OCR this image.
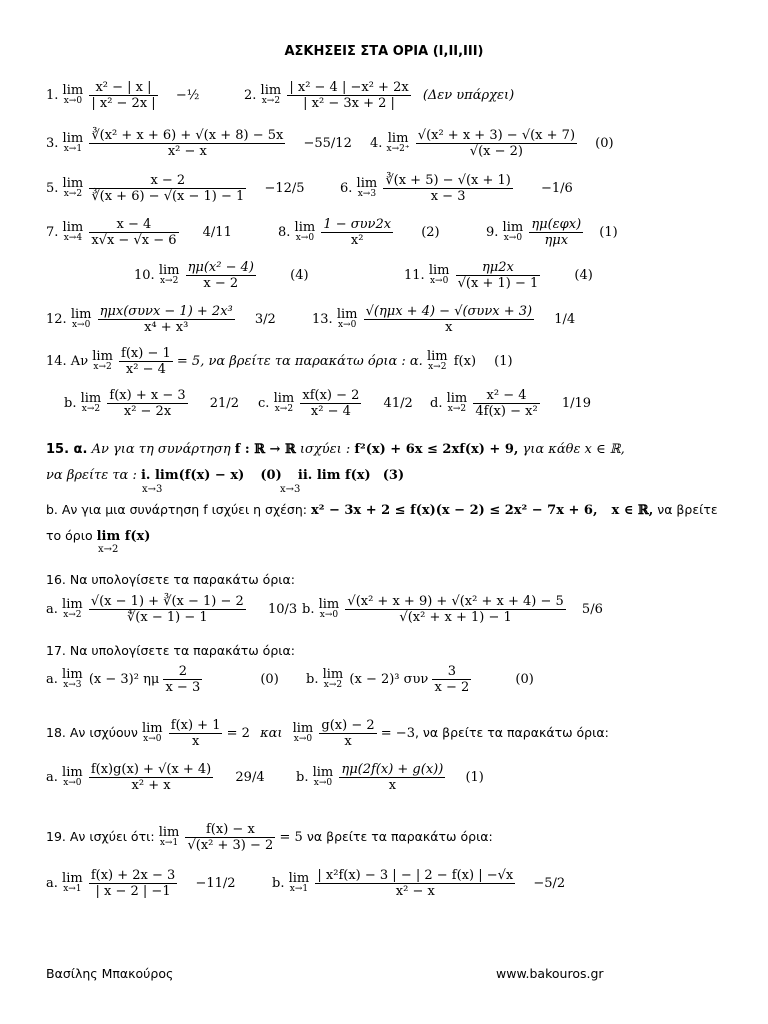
ΑΣΚΗΣΕΙΣ ΣΤΑ ΟΡΙΑ (Ι,ΙΙ,ΙΙΙ)
1. lim
x→0
$\frac{\text{x² − | x |}}{\text{| x² − 2x |}}$ −½	2. lim
x→2
$\frac{\text{| x² − 4 | −x² + 2x}}{\text{| x² − 3x + 2 |}} (\Delta\varepsilon\nu$ υπάρχει)
3. lim
x→1
$\frac{\text{∛(x² + x + 6) + √(x + 8) − 5x}}{\text{x² − x}} -55/12$ 4. lim
x→2⁺
$\frac{\text{√(x² + x + 3) − √(x + 7)}}{√(x - 2)} (0)$
5. lim
x→2
$\frac{x - 2}{∛(x + 6) - √(x - 1) - 1} -12/5$	6. lim
x→3
$\frac{∛(x + 5) - √(x + 1)}{x - 3} -1/6$
7. lim
x→4
$\frac{x - 4}{x√x - √x - 6} 4/11$	8. lim
x→0
$\frac{\text{1 − συν2x}}{\text{x²}} (2)$	9. lim
x→0
$\frac{\text{ημ(εφx)}}{\text{ημx}} (1)$
10. lim
x→2
$\frac{\text{ημ(x² − 4)}}{x - 2}$	(4)	11. lim
x→0
$\frac{\eta\mu 2x}{√(x + 1) - 1}$	(4)
12. lim
x→0
$\frac{\text{ημx(συνx − 1) + 2x³}}{\text{x⁴ + x³}} 3/2$	13. lim
x→0
$\frac{\text{√(ημx + 4) − √(συνx + 3)}}{x} 1/4$
14. Αν lim
x→2
$\frac{f(x) - 1}{\text{x² − 4}} = 5$, να βρείτε τα παρακάτω όρια : α. lim
x→2 f(x) (1)
b. lim
x→2
$\frac{f(x) + x - 3}{\text{x² − 2x}} 21/2$ c. lim
x→2
$\frac{xf(x) - 2}{\text{x² − 4}} 41/2$ d. lim
x→2
$\frac{\text{x² − 4}}{\text{4f(x) − x²}} 1/19$
15. α. Αν για τη συνάρτηση f : ℝ → ℝ ισχύει : f²(x) + 6x ≤ 2xf(x) + 9, για κάθε x ∈ ℝ,
να βρείτε τα : i. lim(f(x) − x) (0) ii. lim f(x) (3)
x→3	x→3
b. Αν για μια συνάρτηση f ισχύει η σχέση: x² − 3x + 2 ≤ f(x)(x − 2) ≤ 2x² − 7x + 6, x ∈ ℝ, να βρείτε
το όριο lim f(x)
x→2
16. Να υπολογίσετε τα παρακάτω όρια:
a. lim
x→2
$\frac{√(x - 1) + ∛(x - 1) - 2}{∜(x - 1) - 1} 10/3$ b. lim
x→0
$\frac{\text{√(x² + x + 9) + √(x² + x + 4) − 5}}{\text{√(x² + x + 1) − 1}} 5/6$
17. Να υπολογίσετε τα παρακάτω όρια:
a. lim
x→3 (x − 3)² ημ $\frac{2}{x - 3}$	(0) b. lim
x→2 (x − 2)³ συν $\frac{3}{x - 2}$	(0)
18. Αν ισχύουν lim
x→0
$\frac{f(x) + 1}{x} = 2$ και lim
x→0
$\frac{g(x) - 2}{x} = -3$, να βρείτε τα παρακάτω όρια:
a. lim
x→0
$\frac{f(x)g(x) + √(x + 4)}{\text{x² + x}} 29/4$ b. lim
x→0
$\frac{\eta\mu(2f(x) + g(x))}{x} (1)$
19. Αν ισχύει ότι: lim
x→1
$\frac{f(x) - x}{\text{√(x² + 3) − 2}} = 5$ να βρείτε τα παρακάτω όρια:
a. lim
x→1
$\frac{f(x) + 2x - 3}{| x - 2 | -1} -11/2$	b. lim
x→1
$\frac{\text{| x²f(x) − 3 | − | 2 − f(x) | −√x}}{\text{x² − x}} -5/2$
Βασίλης Μπακούρος	www.bakouros.gr
